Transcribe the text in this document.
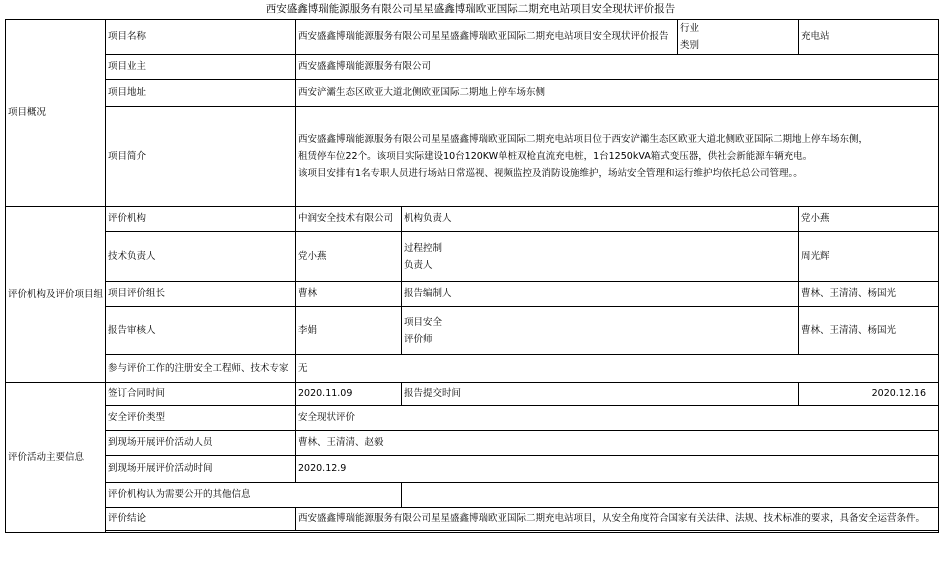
西安盛鑫博瑞能源服务有限公司星星盛鑫博瑞欧亚国际二期充电站项目安全现状评价报告
项目概况	项目名称	西安盛鑫博瑞能源服务有限公司星星盛鑫博瑞欧亚国际二期充电站项目安全现状评价报告		行业
类别	充电站
	项目业主	西安盛鑫博瑞能源服务有限公司			
	项目地址	西安浐灞生态区欧亚大道北侧欧亚国际二期地上停车场东侧			
	项目简介	西安盛鑫博瑞能源服务有限公司星星盛鑫博瑞欧亚国际二期充电站项目位于西安浐灞生态区欧亚大道北侧欧亚国际二期地上停车场东侧，
租赁停车位22个。该项目实际建设10台120KW单桩双枪直流充电桩，1台1250kVA箱式变压器，供社会新能源车辆充电。
该项目安排有1名专职人员进行场站日常巡视、视频监控及消防设施维护，场站安全管理和运行维护均依托总公司管理。。			

评价机构及评价项目组	评价机构	中润安全技术有限公司	机构负责人		党小燕
	技术负责人	党小燕	过程控制
负责人		周光辉
	项目评价组长	曹林	报告编制人		曹林、王清清、杨国光
	报告审核人	李娟	项目安全
评价师		曹林、王清清、杨国光
	参与评价工作的注册安全工程师、技术专家	无			
评价活动主要信息	签订合同时间	2020.11.09	报告提交时间		2020.12.16
	安全评价类型	安全现状评价			
	到现场开展评价活动人员	曹林、王清清、赵毅			
	到现场开展评价活动时间	2020.12.9			
	评价机构认为需要公开的其他信息				
	评价结论	西安盛鑫博瑞能源服务有限公司星星盛鑫博瑞欧亚国际二期充电站项目，从安全角度符合国家有关法律、法规、技术标准的要求，具备安全运营条件。			
